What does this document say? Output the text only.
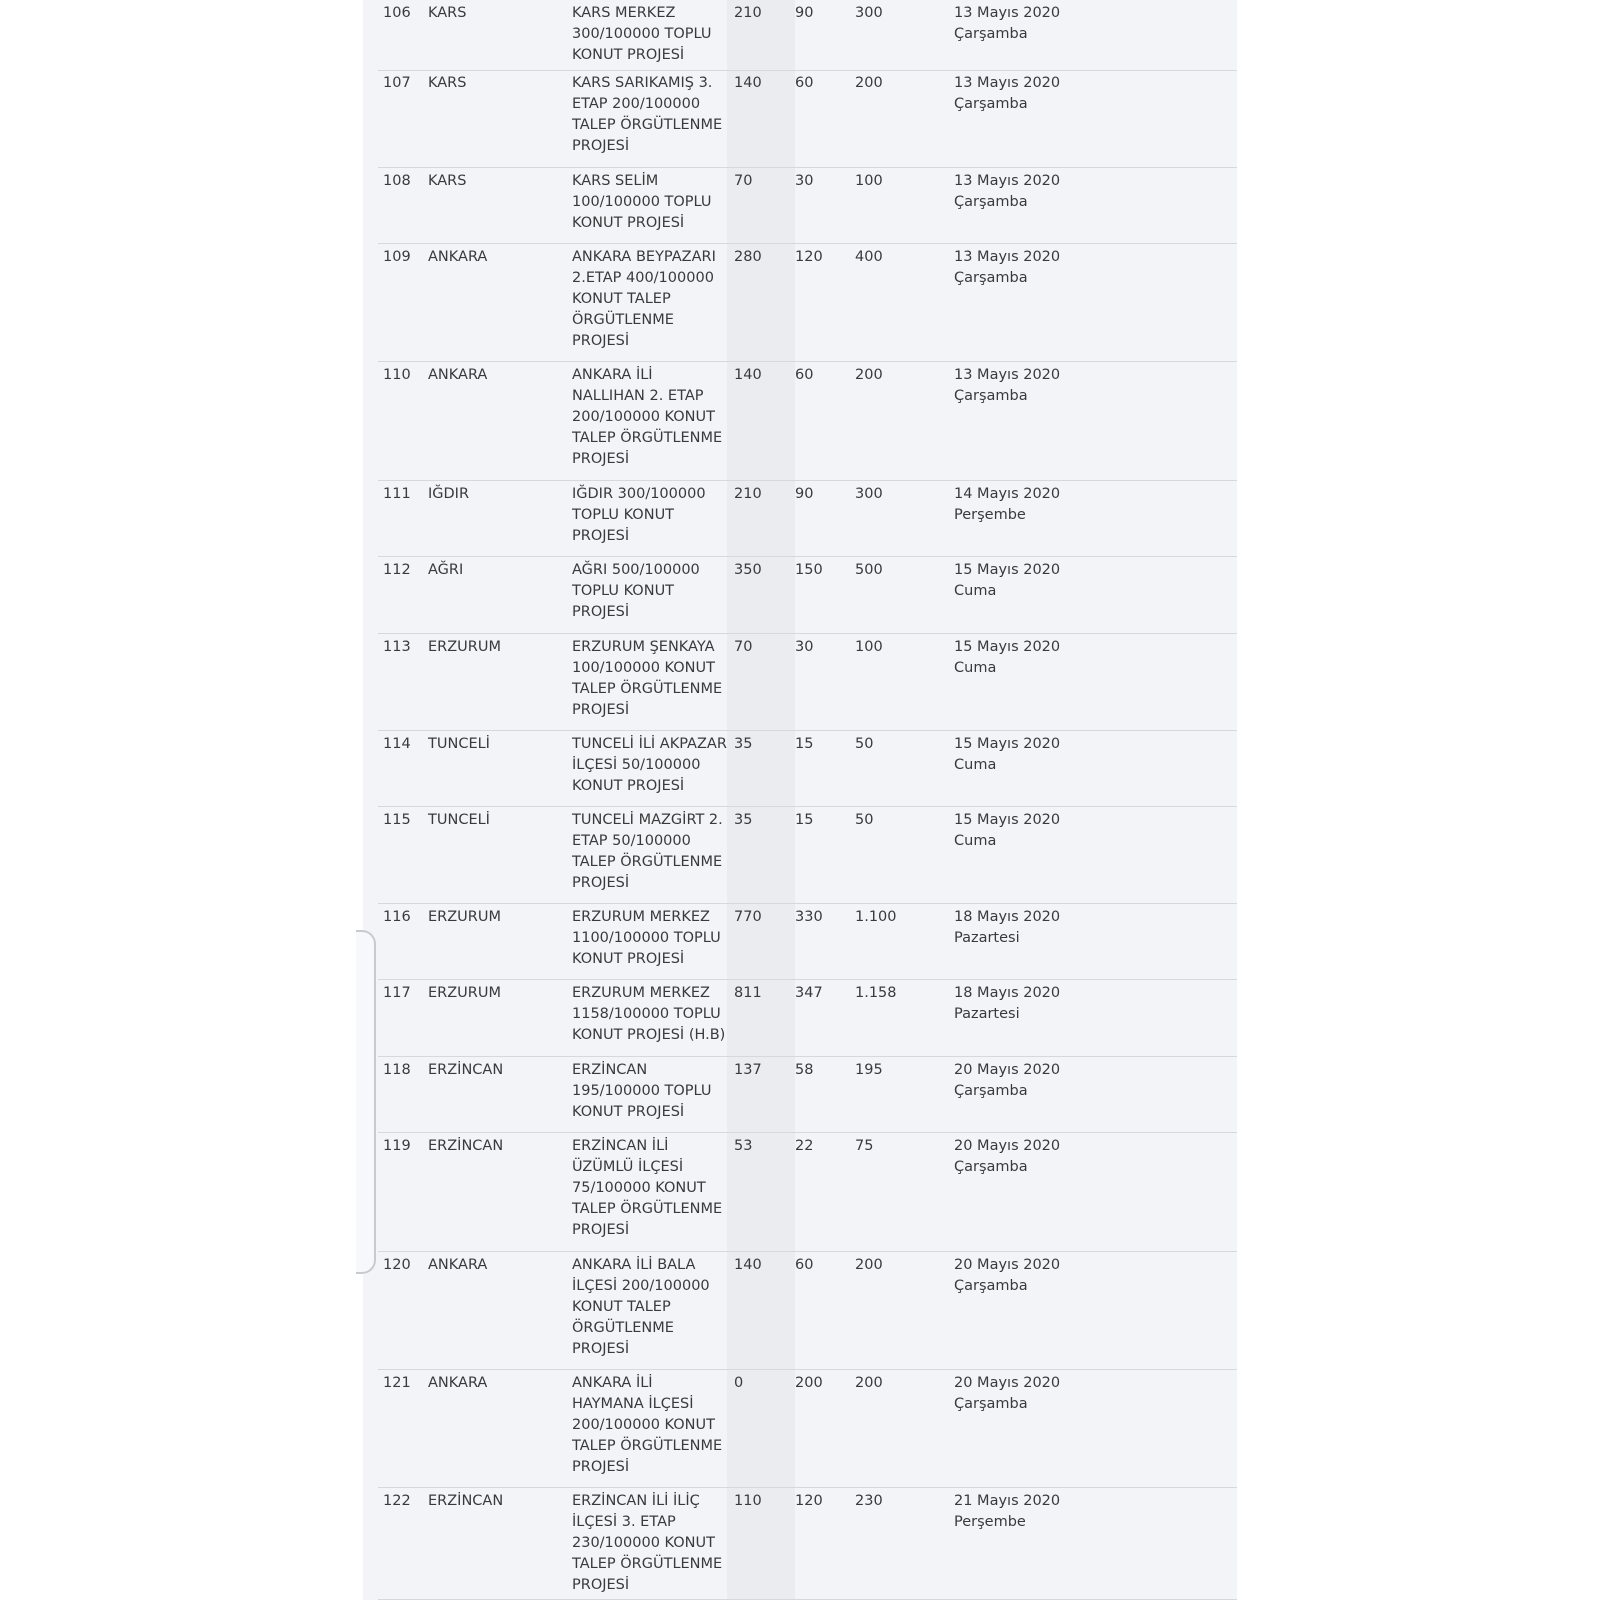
106	KARS	KARS MERKEZ
300/100000 TOPLU
KONUT PROJESİ
210	90	300	13 Mayıs 2020
Çarşamba
107	KARS	KARS SARIKAMIŞ 3.
ETAP 200/100000
TALEP ÖRGÜTLENME
PROJESİ
140	60	200	13 Mayıs 2020
Çarşamba
108	KARS	KARS SELİM
100/100000 TOPLU
KONUT PROJESİ
70	30	100	13 Mayıs 2020
Çarşamba
109	ANKARA	ANKARA BEYPAZARI
2.ETAP 400/100000
KONUT TALEP
ÖRGÜTLENME
PROJESİ
280	120	400	13 Mayıs 2020
Çarşamba
110	ANKARA	ANKARA İLİ
NALLIHAN 2. ETAP
200/100000 KONUT
TALEP ÖRGÜTLENME
PROJESİ
140	60	200	13 Mayıs 2020
Çarşamba
111	IĞDIR	IĞDIR 300/100000
TOPLU KONUT
PROJESİ
210	90	300	14 Mayıs 2020
Perşembe
112	AĞRI	AĞRI 500/100000
TOPLU KONUT
PROJESİ
350	150	500	15 Mayıs 2020
Cuma
113	ERZURUM	ERZURUM ŞENKAYA
100/100000 KONUT
TALEP ÖRGÜTLENME
PROJESİ
70	30	100	15 Mayıs 2020
Cuma
114	TUNCELİ	TUNCELİ İLİ AKPAZAR
İLÇESİ 50/100000
KONUT PROJESİ
35	15	50	15 Mayıs 2020
Cuma
115	TUNCELİ	TUNCELİ MAZGİRT 2.
ETAP 50/100000
TALEP ÖRGÜTLENME
PROJESİ
35	15	50	15 Mayıs 2020
Cuma
116	ERZURUM	ERZURUM MERKEZ
1100/100000 TOPLU
KONUT PROJESİ
770	330	1.100	18 Mayıs 2020
Pazartesi
117	ERZURUM	ERZURUM MERKEZ
1158/100000 TOPLU
KONUT PROJESİ (H.B)
811	347	1.158	18 Mayıs 2020
Pazartesi
118	ERZİNCAN	ERZİNCAN
195/100000 TOPLU
KONUT PROJESİ
137	58	195	20 Mayıs 2020
Çarşamba
119	ERZİNCAN	ERZİNCAN İLİ
ÜZÜMLÜ İLÇESİ
75/100000 KONUT
TALEP ÖRGÜTLENME
PROJESİ
53	22	75	20 Mayıs 2020
Çarşamba
120	ANKARA	ANKARA İLİ BALA
İLÇESİ 200/100000
KONUT TALEP
ÖRGÜTLENME
PROJESİ
140	60	200	20 Mayıs 2020
Çarşamba
121	ANKARA	ANKARA İLİ
HAYMANA İLÇESİ
200/100000 KONUT
TALEP ÖRGÜTLENME
PROJESİ
0	200	200	20 Mayıs 2020
Çarşamba
122	ERZİNCAN	ERZİNCAN İLİ İLİÇ
İLÇESİ 3. ETAP
230/100000 KONUT
TALEP ÖRGÜTLENME
PROJESİ
110	120	230	21 Mayıs 2020
Perşembe
